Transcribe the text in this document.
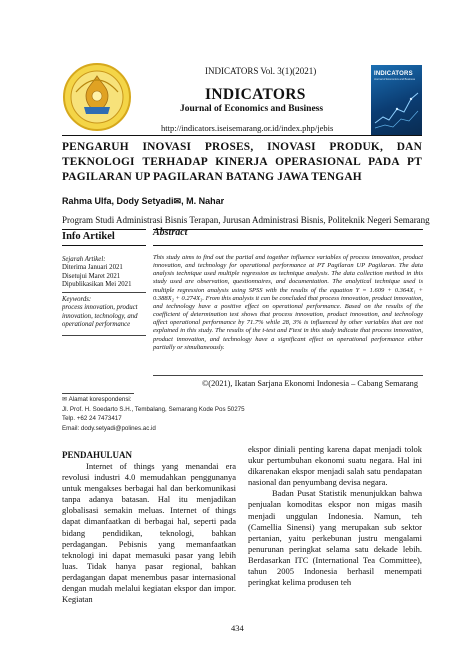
INDICATORS Vol. 3(1)(2021)
INDICATORS
Journal of Economics and Business
http://indicators.iseisemarang.or.id/index.php/jebis
INDICATORS
Journal of Economics and Business
PENGARUH INOVASI PROSES, INOVASI PRODUK, DAN TEKNOLOGI TERHADAP KINERJA OPERASIONAL PADA PT PAGILARAN UP PAGILARAN BATANG JAWA TENGAH
Rahma Ulfa, Dody Setyadi✉, M. Nahar
Program Studi Administrasi Bisnis Terapan, Jurusan Administrasi Bisnis, Politeknik Negeri Semarang
Info Artikel	Abstract
Sejarah Artikel:
Diterima Januari 2021
Disetujui Maret 2021
Dipublikasikan Mei 2021
Keywords:
process innovation, product innovation, technology, and operational performance
This study aims to find out the partial and together influence variables of process innovation, product innovation, and technology for operational performance at PT Pagilaran UP Pagilaran. The data analysis technique used multiple regression as technique analysis. The data collection method in this study used are observation, questionnaires, and documentation. The analytical technique used is multiple regression analysis using SPSS with the results of the equation Y = 1.609 + 0.364X₁ + 0.388X₂ + 0.274X₃. From this analysis it can be concluded that process innovation, product innovation, and technology have a positive effect on operational performance. Based on the results of the coefficient of determination test shows that process innovation, product innovation, and technology affect operational performance by 71.7% while 28, 3% is influenced by other variables that are not explained in this study. The results of the t-test and Ftest in this study indicate that process innovation, product innovation, and technology have a significant effect on operational performance either partially or simultaneously.
©(2021), Ikatan Sarjana Ekonomi Indonesia – Cabang Semarang
✉ Alamat korespondensi:
Jl. Prof. H. Soedarto S.H., Tembalang, Semarang Kode Pos 50275
Telp. +62 24 7473417
Email: dody.setyadi@polines.ac.id
PENDAHULUAN

Internet of things yang menandai era revolusi industri 4.0 memudahkan penggunanya untuk mengakses berbagai hal dan berkomunikasi tanpa adanya batasan. Hal itu menjadikan globalisasi semakin meluas. Internet of things dapat dimanfaatkan di berbagai hal, seperti pada bidang pendidikan, teknologi, bahkan perdagangan. Pebisnis yang memanfaatkan teknologi ini dapat memasuki pasar yang lebih luas. Tidak hanya pasar regional, bahkan perdagangan dapat menembus pasar internasional dengan mudah melalui kegiatan ekspor dan impor. Kegiatan

ekspor diniali penting karena dapat menjadi tolok ukur pertumbuhan ekonomi suatu negara. Hal ini dikarenakan ekspor menjadi salah satu pendapatan nasional dan penyumbang devisa negara.

Badan Pusat Statistik menunjukkan bahwa penjualan komoditas ekspor non migas masih menjadi unggulan Indonesia. Namun, teh (Camellia Sinensi) yang merupakan sub sektor pertanian, yaitu perkebunan justru mengalami penurunan peringkat selama satu dekade lebih. Berdasarkan ITC (International Tea Committee), tahun 2005 Indonesia berhasil menempati peringkat kelima produsen teh

434
